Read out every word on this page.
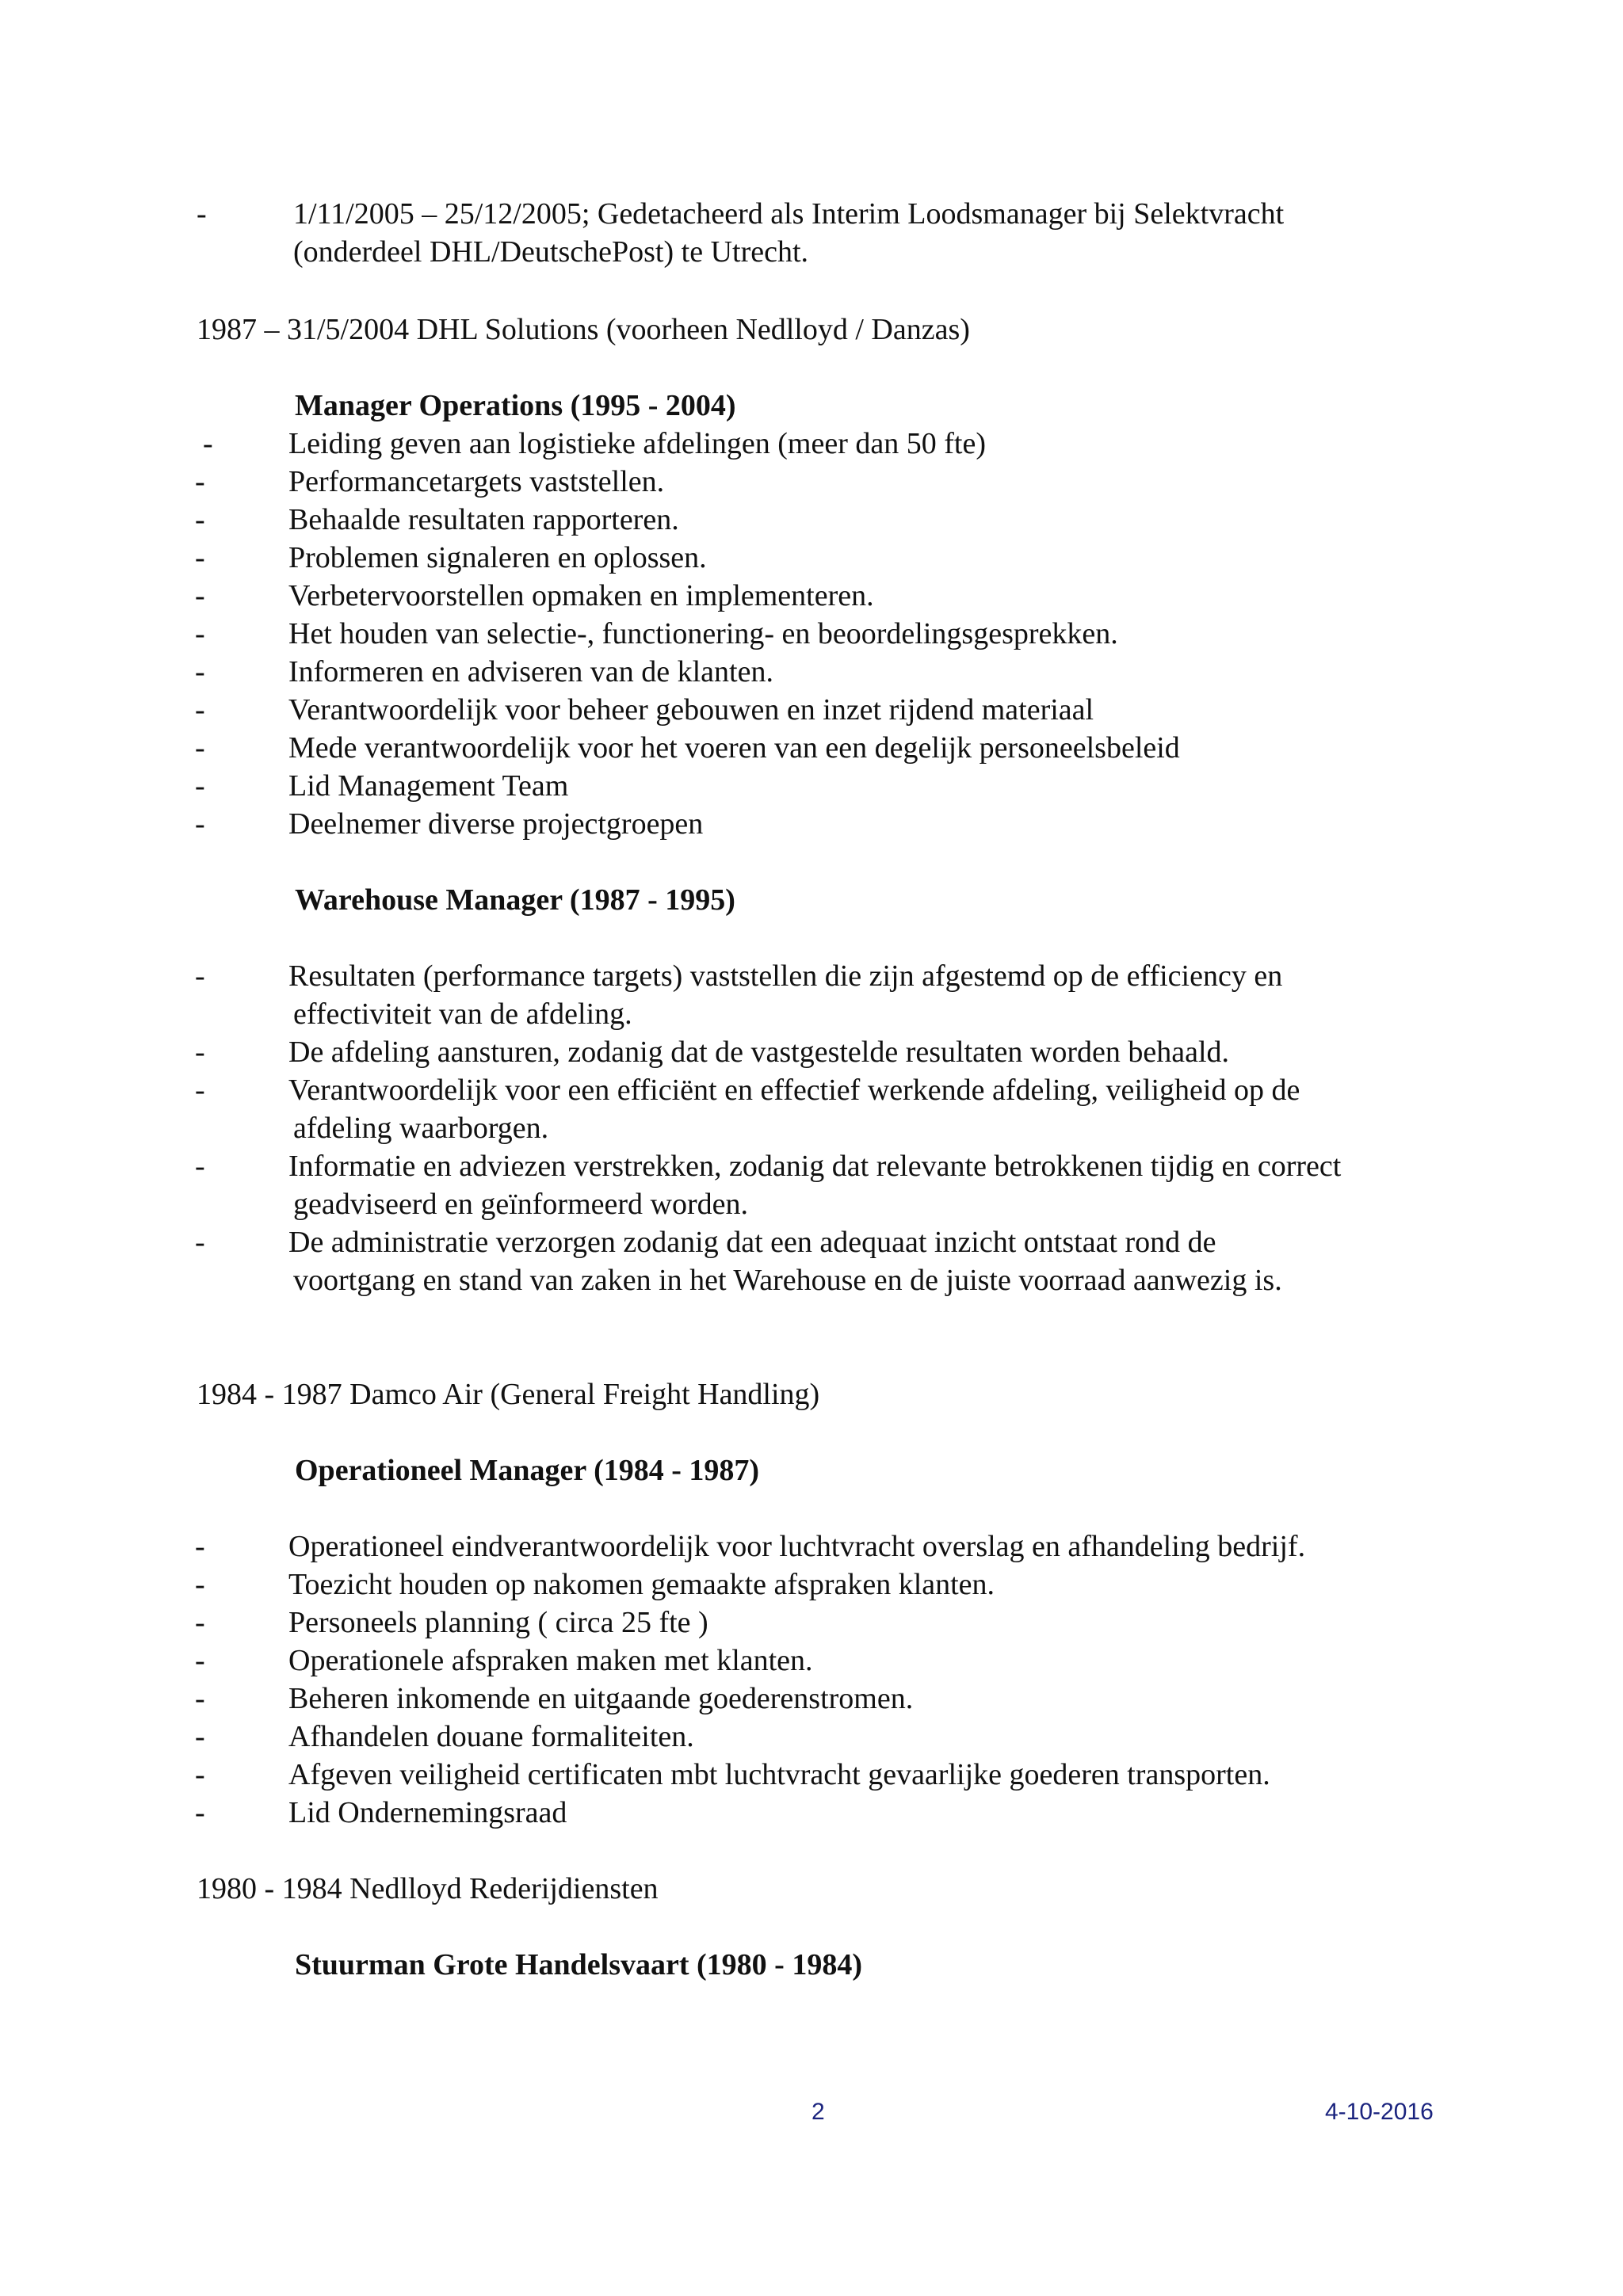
-	1/11/2005 – 25/12/2005; Gedetacheerd als Interim Loodsmanager bij Selektvracht
(onderdeel DHL/DeutschePost) te Utrecht.
1987 – 31/5/2004 DHL Solutions (voorheen Nedlloyd / Danzas)
Manager Operations (1995 - 2004)
-	Leiding geven aan logistieke afdelingen (meer dan 50 fte)
-	Performancetargets vaststellen.
-	Behaalde resultaten rapporteren.
-	Problemen signaleren en oplossen.
-	Verbetervoorstellen opmaken en implementeren.
-	Het houden van selectie-, functionering- en beoordelingsgesprekken.
-	Informeren en adviseren van de klanten.
-	Verantwoordelijk voor beheer gebouwen en inzet rijdend materiaal
-	Mede verantwoordelijk voor het voeren van een degelijk personeelsbeleid
-	Lid Management Team
-	Deelnemer diverse projectgroepen
Warehouse Manager (1987 - 1995)
-	Resultaten (performance targets) vaststellen die zijn afgestemd op de efficiency en
effectiviteit van de afdeling.
-	De afdeling aansturen, zodanig dat de vastgestelde resultaten worden behaald.
-	Verantwoordelijk voor een efficiënt en effectief werkende afdeling, veiligheid op de
afdeling waarborgen.
-	Informatie en adviezen verstrekken, zodanig dat relevante betrokkenen tijdig en correct
geadviseerd en geïnformeerd worden.
-	De administratie verzorgen zodanig dat een adequaat inzicht ontstaat rond de
voortgang en stand van zaken in het Warehouse en de juiste voorraad aanwezig is.
1984 - 1987 Damco Air (General Freight Handling)
Operationeel Manager (1984 - 1987)
-	Operationeel eindverantwoordelijk voor luchtvracht overslag en afhandeling bedrijf.
-	Toezicht houden op nakomen gemaakte afspraken klanten.
-	Personeels planning ( circa 25 fte )
-	Operationele afspraken maken met klanten.
-	Beheren inkomende en uitgaande goederenstromen.
-	Afhandelen douane formaliteiten.
-	Afgeven veiligheid certificaten mbt luchtvracht gevaarlijke goederen transporten.
-	Lid Ondernemingsraad
1980 - 1984 Nedlloyd Rederijdiensten
Stuurman Grote Handelsvaart (1980 - 1984)
2	4-10-2016
